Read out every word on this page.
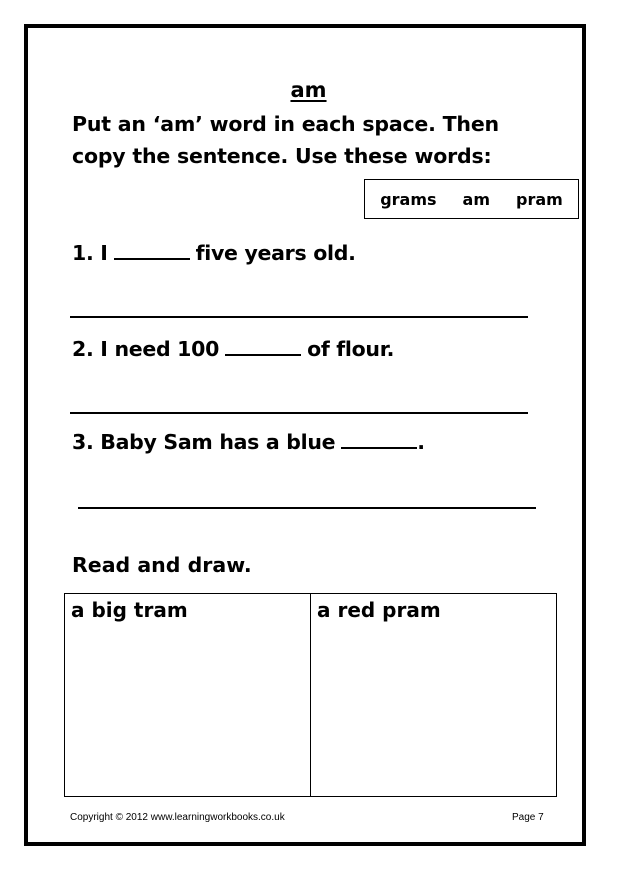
am
Put an ‘am’ word in each space. Then copy the sentence. Use these words:
grams am pram
1. I	five years old.
2. I need 100	of flour.
3. Baby Sam has a blue	.
Read and draw.
a big tram	a red pram
Copyright © 2012 www.learningworkbooks.co.uk	Page 7
